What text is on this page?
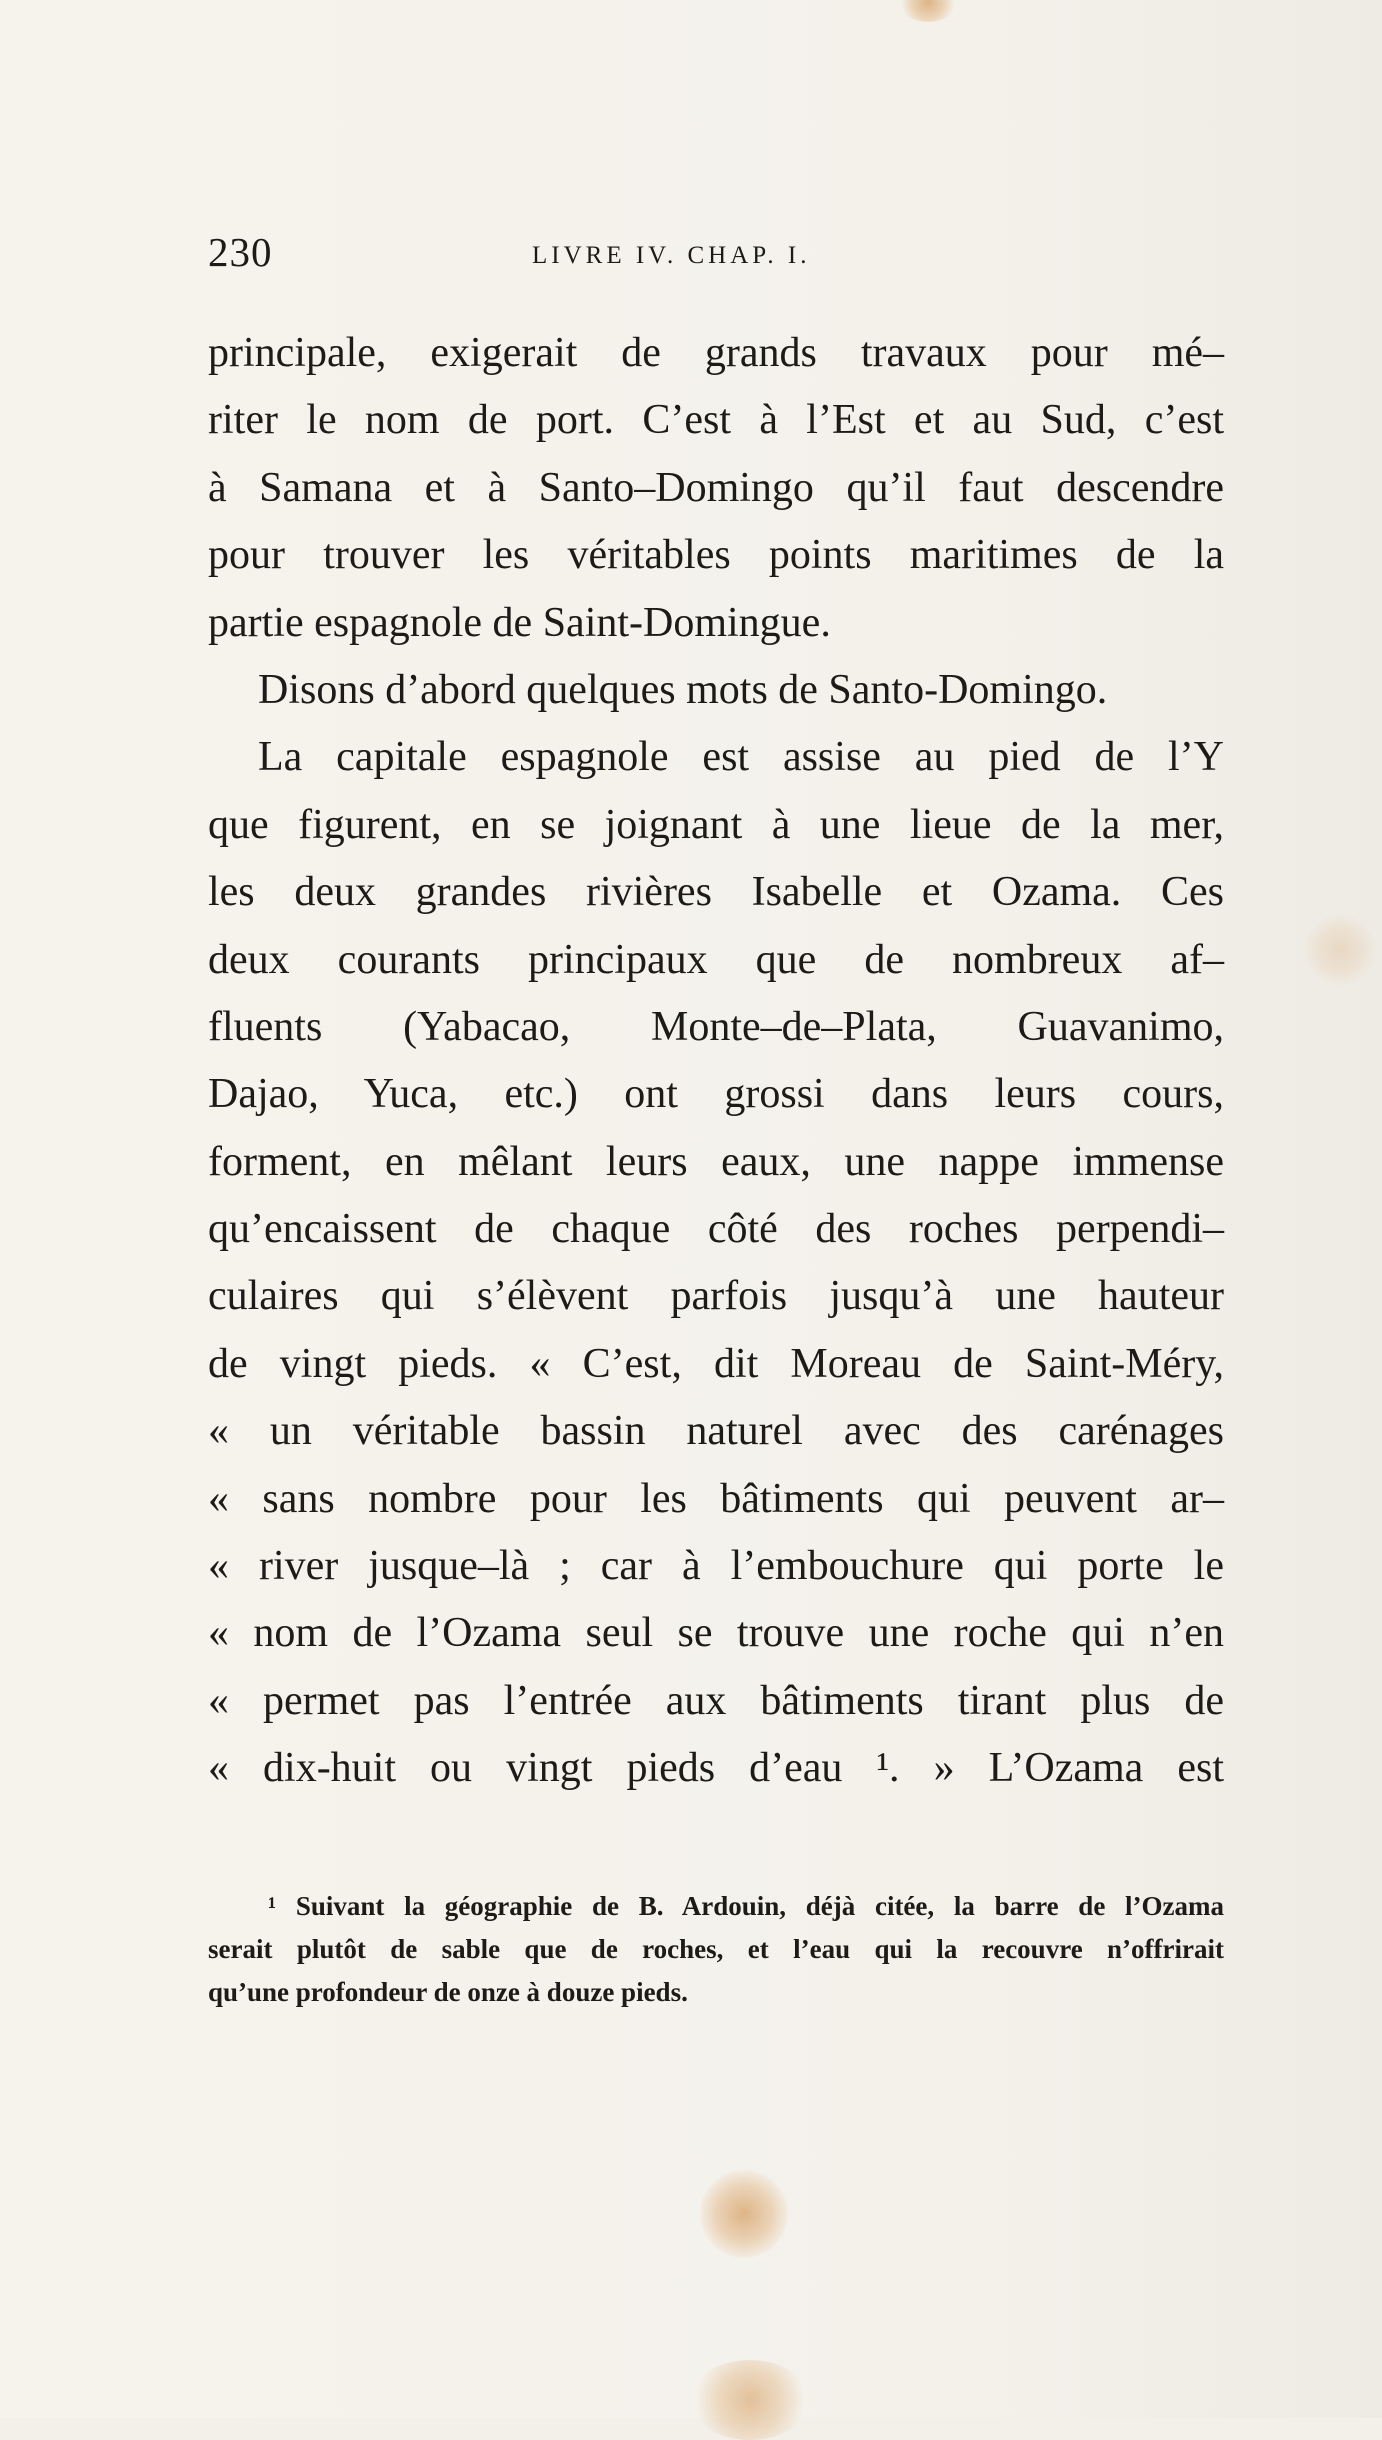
230	LIVRE IV. CHAP. I.
principale, exigerait de grands travaux pour mé–
riter le nom de port. C’est à l’Est et au Sud, c’est
à Samana et à Santo–Domingo qu’il faut descendre
pour trouver les véritables points maritimes de la
partie espagnole de Saint-Domingue.
Disons d’abord quelques mots de Santo-Domingo.
La capitale espagnole est assise au pied de l’Y
que figurent, en se joignant à une lieue de la mer,
les deux grandes rivières Isabelle et Ozama. Ces
deux courants principaux que de nombreux af–
fluents (Yabacao, Monte–de–Plata, Guavanimo,
Dajao, Yuca, etc.) ont grossi dans leurs cours,
forment, en mêlant leurs eaux, une nappe immense
qu’encaissent de chaque côté des roches perpendi–
culaires qui s’élèvent parfois jusqu’à une hauteur
de vingt pieds. « C’est, dit Moreau de Saint-Méry,
« un véritable bassin naturel avec des carénages
« sans nombre pour les bâtiments qui peuvent ar–
« river jusque–là ; car à l’embouchure qui porte le
« nom de l’Ozama seul se trouve une roche qui n’en
« permet pas l’entrée aux bâtiments tirant plus de
« dix-huit ou vingt pieds d’eau ¹. » L’Ozama est
¹ Suivant la géographie de B. Ardouin, déjà citée, la barre de l’Ozama
serait plutôt de sable que de roches, et l’eau qui la recouvre n’offrirait
qu’une profondeur de onze à douze pieds.
